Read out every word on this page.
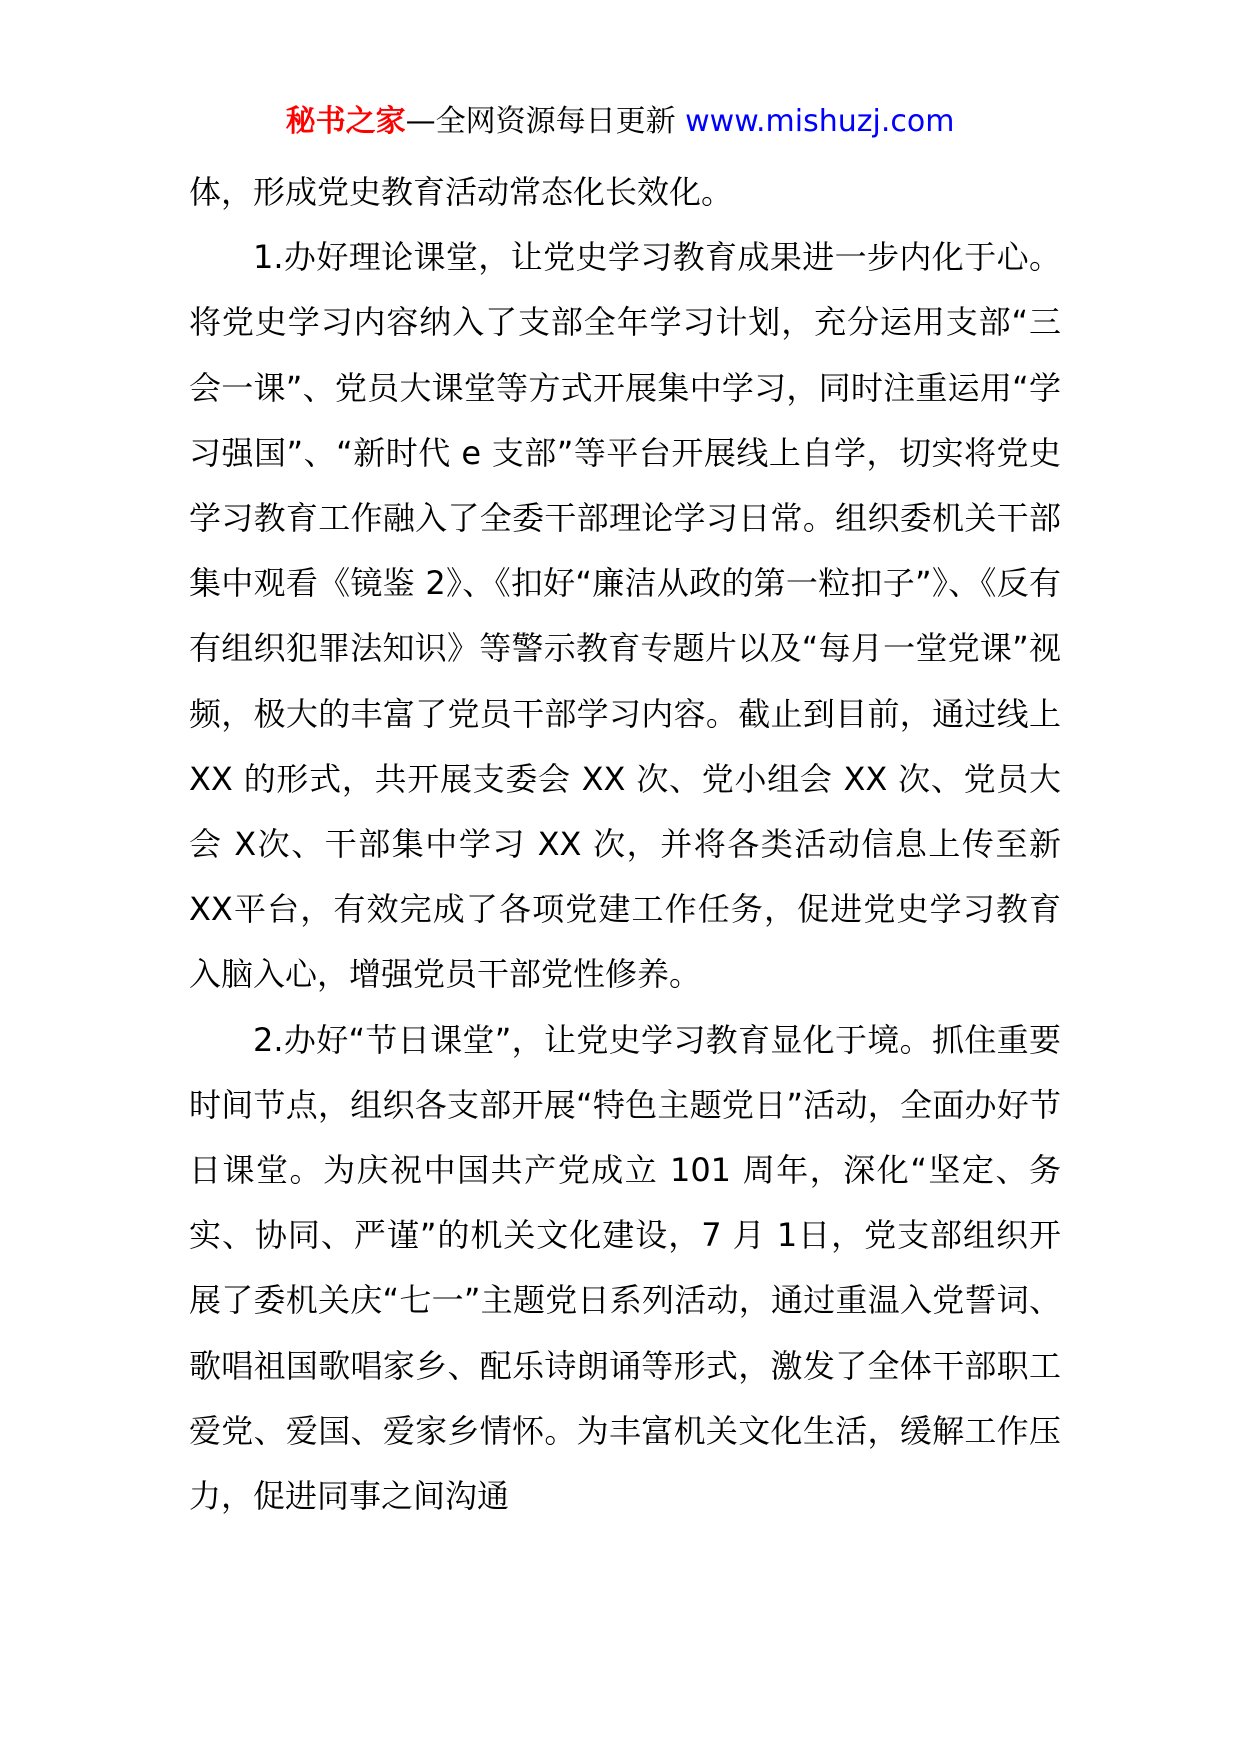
秘书之家—全网资源每日更新 www.mishuzj.com

体，形成党史教育活动常态化长效化。

1.办好理论课堂，让党史学习教育成果进一步内化于心。将党史学习内容纳入了支部全年学习计划，充分运用支部“三会一课”、党员大课堂等方式开展集中学习，同时注重运用“学习强国”、“新时代 e 支部”等平台开展线上自学，切实将党史学习教育工作融入了全委干部理论学习日常。组织委机关干部集中观看《镜鉴 2》、《扣好“廉洁从政的第一粒扣子”》、《反有有组织犯罪法知识》等警示教育专题片以及“每月一堂党课”视频，极大的丰富了党员干部学习内容。截止到目前，通过线上 XX 的形式，共开展支委会 XX 次、党小组会 XX 次、党员大会 X次、干部集中学习 XX 次，并将各类活动信息上传至新 XX平台，有效完成了各项党建工作任务，促进党史学习教育入脑入心，增强党员干部党性修养。

2.办好“节日课堂”，让党史学习教育显化于境。抓住重要时间节点，组织各支部开展“特色主题党日”活动，全面办好节日课堂。为庆祝中国共产党成立 101 周年，深化“坚定、务实、协同、严谨”的机关文化建设，7 月 1日，党支部组织开展了委机关庆“七一”主题党日系列活动，通过重温入党誓词、歌唱祖国歌唱家乡、配乐诗朗诵等形式，激发了全体干部职工爱党、爱国、爱家乡情怀。为丰富机关文化生活，缓解工作压力，促进同事之间沟通
